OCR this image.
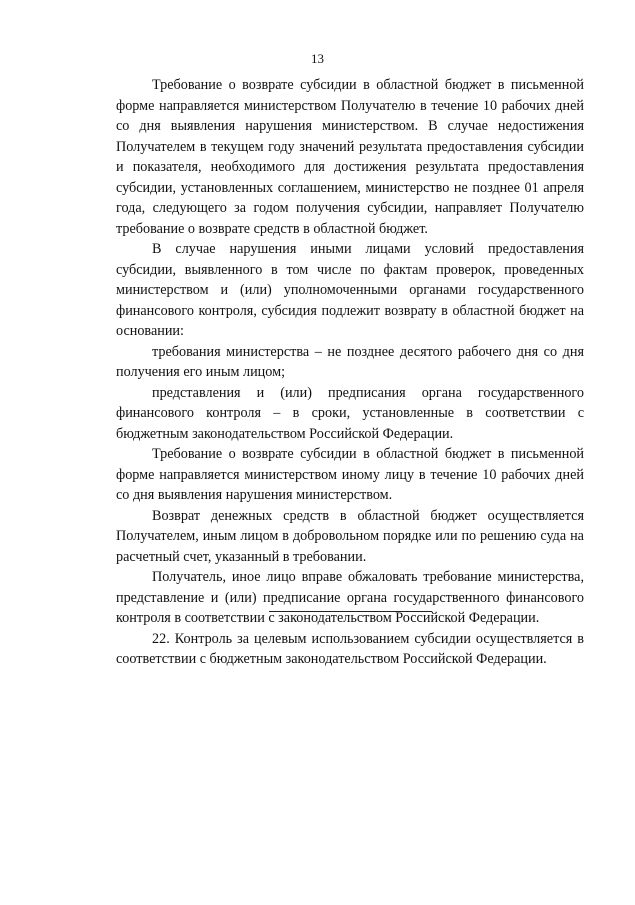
13

Требование о возврате субсидии в областной бюджет в письменной форме направляется министерством Получателю в течение 10 рабочих дней со дня выявления нарушения министерством. В случае недостижения Получателем в текущем году значений результата предоставления субсидии и показателя, необходимого для достижения результата предоставления субсидии, установленных соглашением, министерство не позднее 01 апреля года, следующего за годом получения субсидии, направляет Получателю требование о возврате средств в областной бюджет.

В случае нарушения иными лицами условий предоставления субсидии, выявленного в том числе по фактам проверок, проведенных министерством и (или) уполномоченными органами государственного финансового контроля, субсидия подлежит возврату в областной бюджет на основании:

требования министерства – не позднее десятого рабочего дня со дня получения его иным лицом;

представления и (или) предписания органа государственного финансового контроля – в сроки, установленные в соответствии с бюджетным законодательством Российской Федерации.

Требование о возврате субсидии в областной бюджет в письменной форме направляется министерством иному лицу в течение 10 рабочих дней со дня выявления нарушения министерством.

Возврат денежных средств в областной бюджет осуществляется Получателем, иным лицом в добровольном порядке или по решению суда на расчетный счет, указанный в требовании.

Получатель, иное лицо вправе обжаловать требование министерства, представление и (или) предписание органа государственного финансового контроля в соответствии с законодательством Российской Федерации.

22. Контроль за целевым использованием субсидии осуществляется в соответствии с бюджетным законодательством Российской Федерации.
